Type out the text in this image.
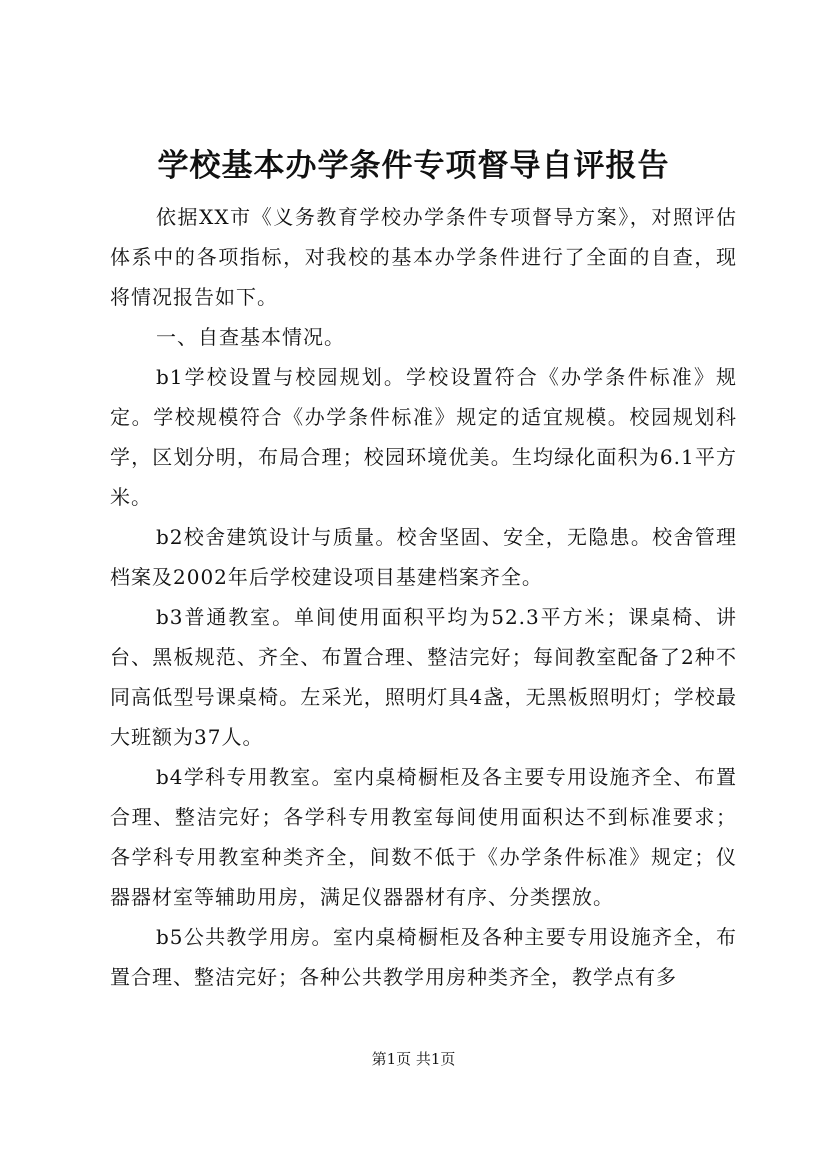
学校基本办学条件专项督导自评报告

依据XX市《义务教育学校办学条件专项督导方案》，对照评估体系中的各项指标，对我校的基本办学条件进行了全面的自查，现将情况报告如下。

一、自查基本情况。

b1学校设置与校园规划。学校设置符合《办学条件标准》规定。学校规模符合《办学条件标准》规定的适宜规模。校园规划科学，区划分明，布局合理；校园环境优美。生均绿化面积为6.1平方米。

b2校舍建筑设计与质量。校舍坚固、安全，无隐患。校舍管理档案及2002年后学校建设项目基建档案齐全。

b3普通教室。单间使用面积平均为52.3平方米；课桌椅、讲台、黑板规范、齐全、布置合理、整洁完好；每间教室配备了2种不同高低型号课桌椅。左采光，照明灯具4盏，无黑板照明灯；学校最大班额为37人。

b4学科专用教室。室内桌椅橱柜及各主要专用设施齐全、布置合理、整洁完好；各学科专用教室每间使用面积达不到标准要求；各学科专用教室种类齐全，间数不低于《办学条件标准》规定；仪器器材室等辅助用房，满足仪器器材有序、分类摆放。

b5公共教学用房。室内桌椅橱柜及各种主要专用设施齐全，布置合理、整洁完好；各种公共教学用房种类齐全，教学点有多

第1页 共1页
